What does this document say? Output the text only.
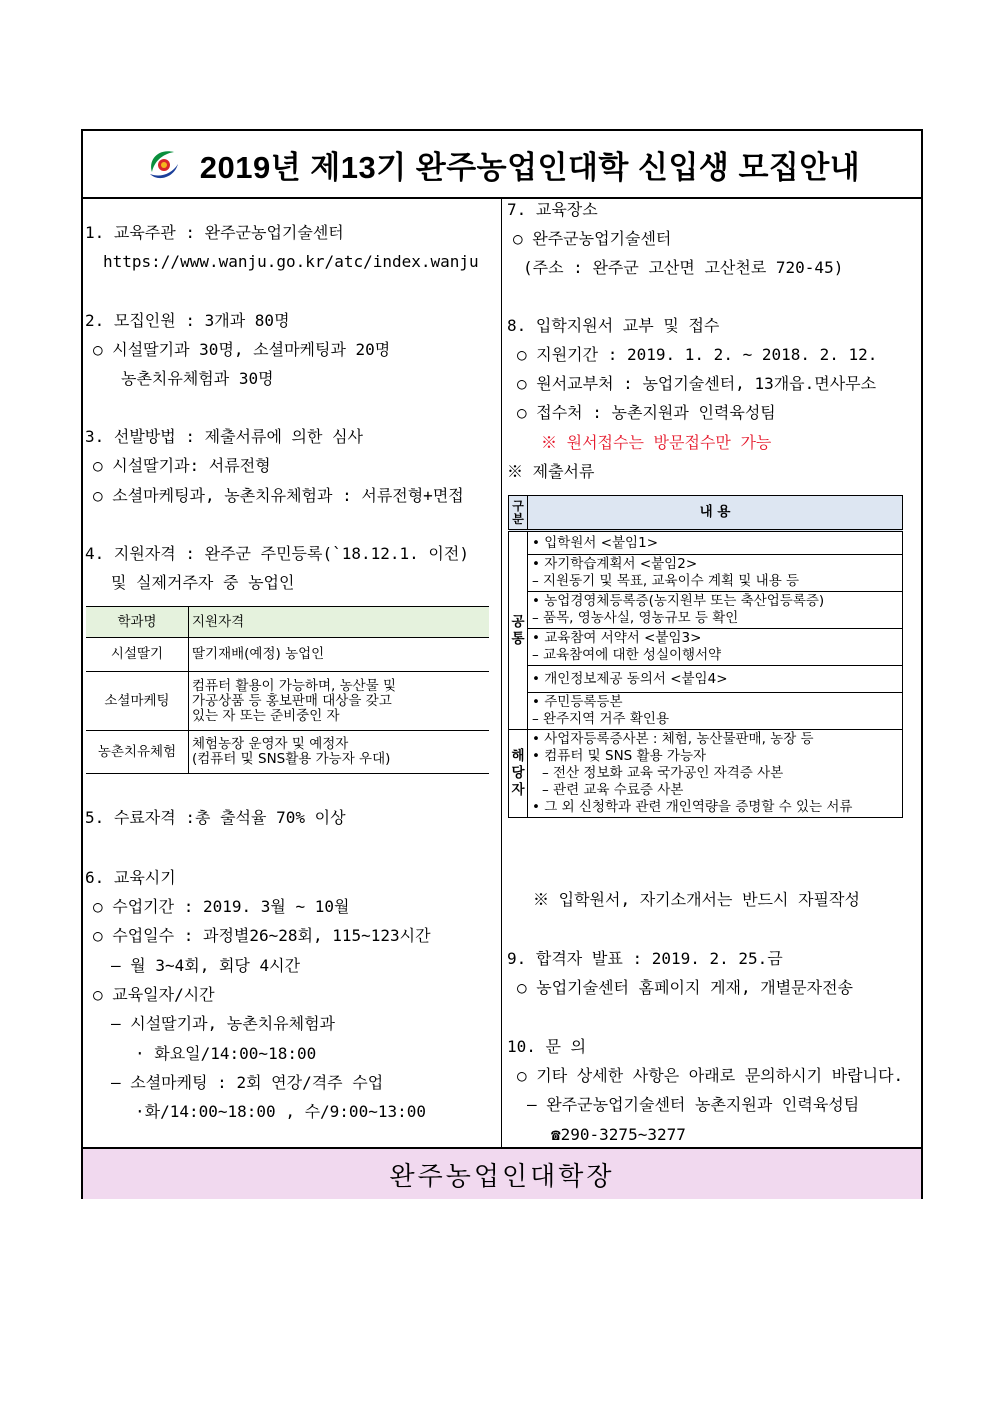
2019년 제13기 완주농업인대학 신입생 모집안내
1. 교육주관 : 완주군농업기술센터
https://www.wanju.go.kr/atc/index.wanju
2. 모집인원 : 3개과 80명
○ 시설딸기과 30명, 소셜마케팅과 20명
농촌치유체험과 30명
3. 선발방법 : 제출서류에 의한 심사
○ 시설딸기과: 서류전형
○ 소셜마케팅과, 농촌치유체험과 : 서류전형+면접
4. 지원자격 : 완주군 주민등록(`18.12.1. 이전)
및 실제거주자 중 농업인
학과명	지원자격
시설딸기	딸기재배(예정) 농업인

소셜마케팅	컴퓨터 활용이 가능하며, 농산물 및
가공상품 등 홍보판매 대상을 갖고
있는 자 또는 준비중인 자

농촌치유체험	체험농장 운영자 및 예정자
(컴퓨터 및 SNS활용 가능자 우대)
5. 수료자격 :총 출석율 70% 이상
6. 교육시기
○ 수업기간 : 2019. 3월 ~ 10월
○ 수업일수 : 과정별26~28회, 115~123시간
– 월 3~4회, 회당 4시간
○ 교육일자/시간
– 시설딸기과, 농촌치유체험과
· 화요일/14:00~18:00
– 소셜마케팅 : 2회 연강/격주 수업
·화/14:00~18:00 , 수/9:00~13:00
7. 교육장소
○ 완주군농업기술센터
(주소 : 완주군 고산면 고산천로 720-45)
8. 입학지원서 교부 및 접수
○ 지원기간 : 2019. 1. 2. ~ 2018. 2. 12.
○ 원서교부처 : 농업기술센터, 13개읍.면사무소
○ 접수처 : 농촌지원과 인력육성팀
※ 원서접수는 방문접수만 가능
※ 제출서류
구
분	내 용

공
통	• 입학원서 <붙임1>

	• 자기학습계획서 <붙임2>
– 지원동기 및 목표, 교육이수 계획 및 내용 등

	• 농업경영체등록증(농지원부 또는 축산업등록증)
– 품목, 영농사실, 영농규모 등 확인

	• 교육참여 서약서 <붙임3>
– 교육참여에 대한 성실이행서약

	• 개인정보제공 동의서 <붙임4>

	• 주민등록등본
– 완주지역 거주 확인용

해
당
자	• 사업자등록증사본 : 체험, 농산물판매, 농장 등
• 컴퓨터 및 SNS 활용 가능자
– 전산 정보화 교육 국가공인 자격증 사본
– 관련 교육 수료증 사본
• 그 외 신청학과 관련 개인역량을 증명할 수 있는 서류
※ 입학원서, 자기소개서는 반드시 자필작성
9. 합격자 발표 : 2019. 2. 25.금
○ 농업기술센터 홈페이지 게재, 개별문자전송
10. 문 의
○ 기타 상세한 사항은 아래로 문의하시기 바랍니다.
– 완주군농업기술센터 농촌지원과 인력육성팀
☎290-3275~3277
완주농업인대학장
